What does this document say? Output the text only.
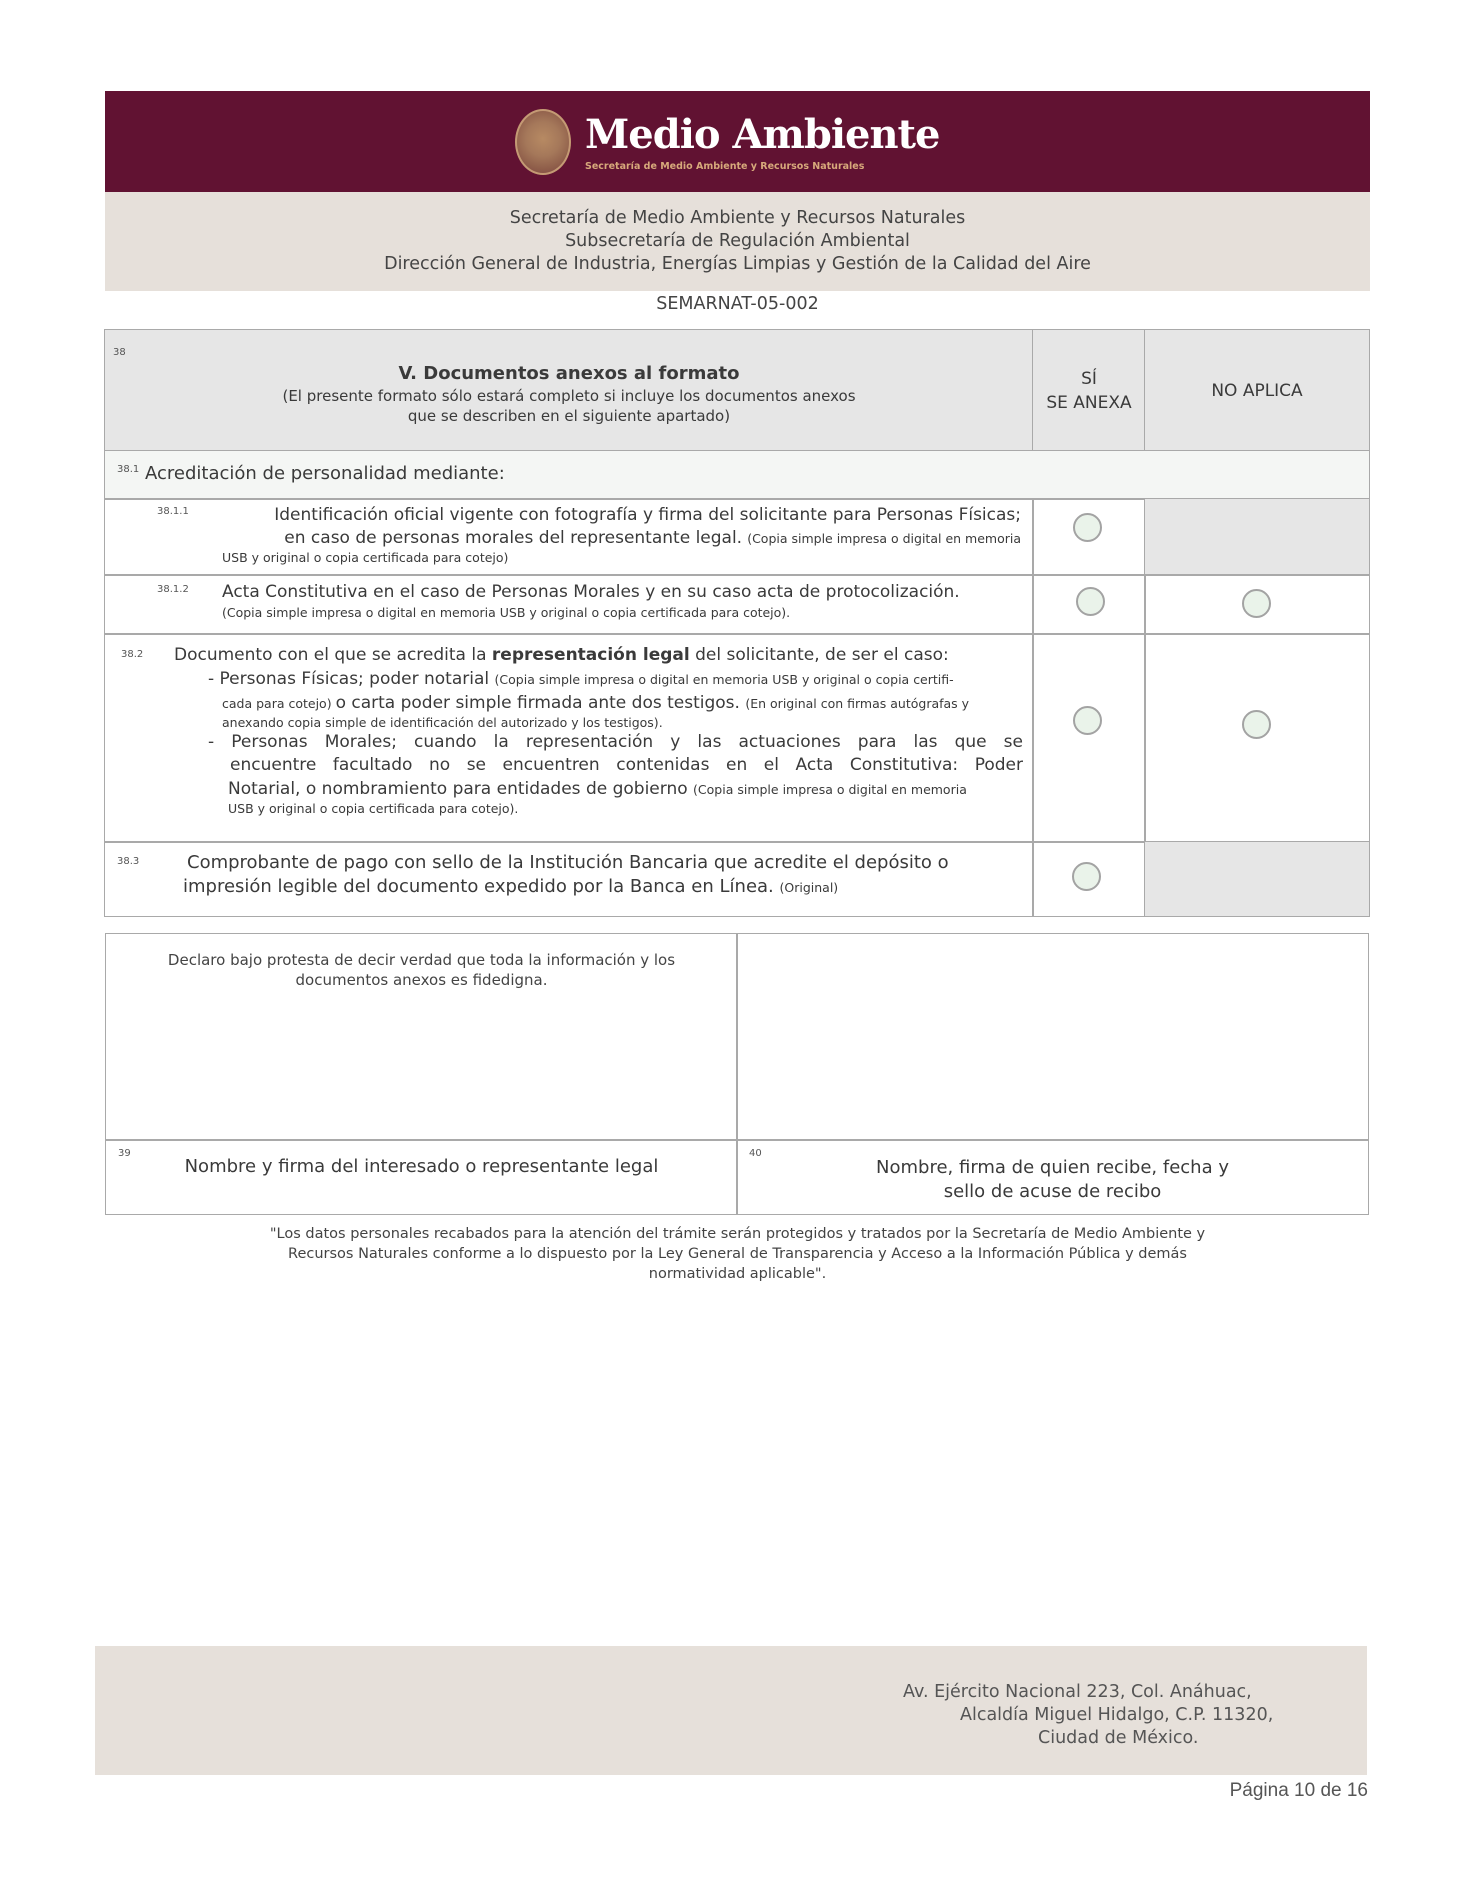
Medio Ambiente
Secretaría de Medio Ambiente y Recursos Naturales
Secretaría de Medio Ambiente y Recursos Naturales
Subsecretaría de Regulación Ambiental
Dirección General de Industria, Energías Limpias y Gestión de la Calidad del Aire
SEMARNAT-05-002
38
V. Documentos anexos al formato
(El presente formato sólo estará completo si incluye los documentos anexos
que se describen en el siguiente apartado)
SÍ
SE ANEXA
NO APLICA
38.1 Acreditación de personalidad mediante:
38.1.1	Identificación oficial vigente con fotografía y firma del solicitante para Personas Físicas;

en caso de personas morales del representante legal. (Copia simple impresa o digital en memoria

USB y original o copia certificada para cotejo)

38.1.2 Acta Constitutiva en el caso de Personas Morales y en su caso acta de protocolización.

(Copia simple impresa o digital en memoria USB y original o copia certificada para cotejo).

38.2 Documento con el que se acredita la representación legal del solicitante, de ser el caso:

- Personas Físicas; poder notarial (Copia simple impresa o digital en memoria USB y original o copia certifi-

cada para cotejo) o carta poder simple firmada ante dos testigos. (En original con firmas autógrafas y

anexando copia simple de identificación del autorizado y los testigos).

- Personas Morales; cuando la representación y las actuaciones para las que se

encuentre facultado no se encuentren contenidas en el Acta Constitutiva: Poder

Notarial, o nombramiento para entidades de gobierno (Copia simple impresa o digital en memoria

USB y original o copia certificada para cotejo).

38.3	Comprobante de pago con sello de la Institución Bancaria que acredite el depósito o

impresión legible del documento expedido por la Banca en Línea. (Original)

Declaro bajo protesta de decir verdad que toda la información y los
documentos anexos es fidedigna.
39
Nombre y firma del interesado o representante legal
40
Nombre, firma de quien recibe, fecha y
sello de acuse de recibo
"Los datos personales recabados para la atención del trámite serán protegidos y tratados por la Secretaría de Medio Ambiente y
Recursos Naturales conforme a lo dispuesto por la Ley General de Transparencia y Acceso a la Información Pública y demás
normatividad aplicable".
Av. Ejército Nacional 223, Col. Anáhuac,
Alcaldía Miguel Hidalgo, C.P. 11320,
Ciudad de México.
Página 10 de 16
